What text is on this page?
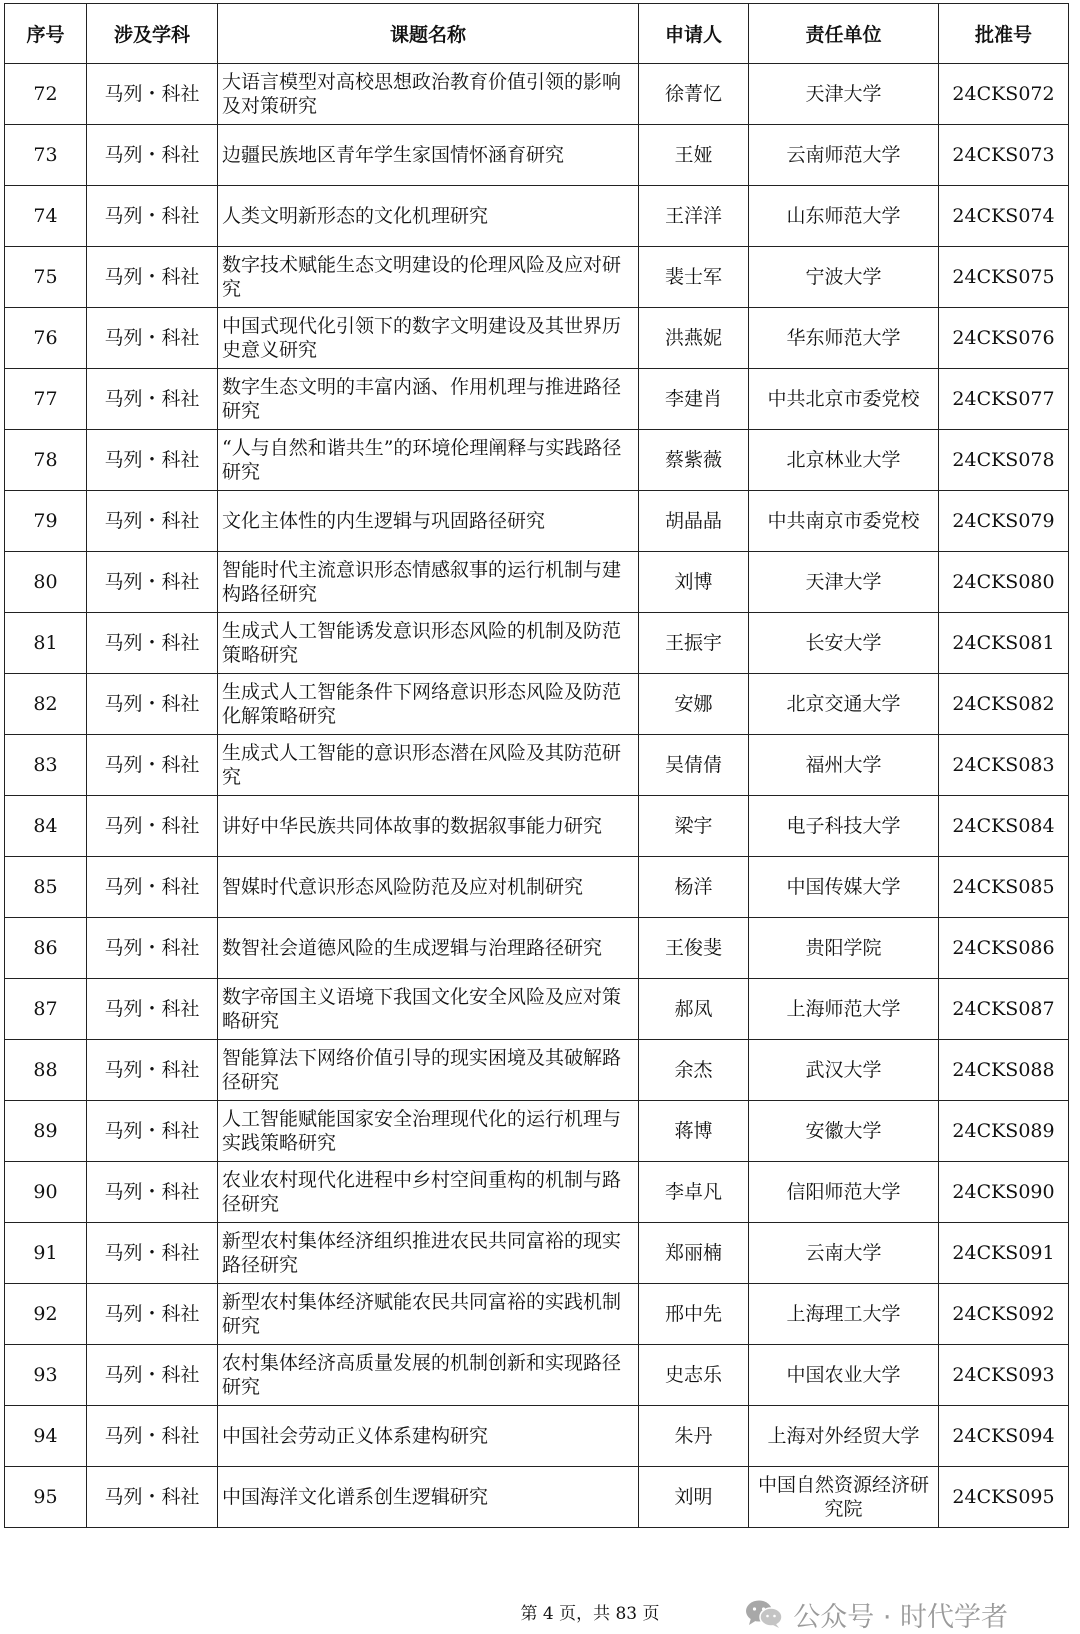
序号	涉及学科	课题名称	申请人	责任单位	批准号
72	马列・科社	大语言模型对高校思想政治教育价值引领的影响及对策研究	徐菁忆	天津大学	24CKS072
73	马列・科社	边疆民族地区青年学生家国情怀涵育研究	王娅	云南师范大学	24CKS073
74	马列・科社	人类文明新形态的文化机理研究	王洋洋	山东师范大学	24CKS074
75	马列・科社	数字技术赋能生态文明建设的伦理风险及应对研究	裴士军	宁波大学	24CKS075
76	马列・科社	中国式现代化引领下的数字文明建设及其世界历史意义研究	洪燕妮	华东师范大学	24CKS076
77	马列・科社	数字生态文明的丰富内涵、作用机理与推进路径研究	李建肖	中共北京市委党校	24CKS077
78	马列・科社	“人与自然和谐共生”的环境伦理阐释与实践路径研究	蔡紫薇	北京林业大学	24CKS078
79	马列・科社	文化主体性的内生逻辑与巩固路径研究	胡晶晶	中共南京市委党校	24CKS079
80	马列・科社	智能时代主流意识形态情感叙事的运行机制与建构路径研究	刘博	天津大学	24CKS080
81	马列・科社	生成式人工智能诱发意识形态风险的机制及防范策略研究	王振宇	长安大学	24CKS081
82	马列・科社	生成式人工智能条件下网络意识形态风险及防范化解策略研究	安娜	北京交通大学	24CKS082
83	马列・科社	生成式人工智能的意识形态潜在风险及其防范研究	吴倩倩	福州大学	24CKS083
84	马列・科社	讲好中华民族共同体故事的数据叙事能力研究	梁宇	电子科技大学	24CKS084
85	马列・科社	智媒时代意识形态风险防范及应对机制研究	杨洋	中国传媒大学	24CKS085
86	马列・科社	数智社会道德风险的生成逻辑与治理路径研究	王俊斐	贵阳学院	24CKS086
87	马列・科社	数字帝国主义语境下我国文化安全风险及应对策略研究	郝凤	上海师范大学	24CKS087
88	马列・科社	智能算法下网络价值引导的现实困境及其破解路径研究	余杰	武汉大学	24CKS088
89	马列・科社	人工智能赋能国家安全治理现代化的运行机理与实践策略研究	蒋博	安徽大学	24CKS089
90	马列・科社	农业农村现代化进程中乡村空间重构的机制与路径研究	李卓凡	信阳师范大学	24CKS090
91	马列・科社	新型农村集体经济组织推进农民共同富裕的现实路径研究	郑丽楠	云南大学	24CKS091
92	马列・科社	新型农村集体经济赋能农民共同富裕的实践机制研究	邢中先	上海理工大学	24CKS092
93	马列・科社	农村集体经济高质量发展的机制创新和实现路径研究	史志乐	中国农业大学	24CKS093
94	马列・科社	中国社会劳动正义体系建构研究	朱丹	上海对外经贸大学	24CKS094
95	马列・科社	中国海洋文化谱系创生逻辑研究	刘明	中国自然资源经济研究院	24CKS095
公众号 · 时代学者
第 4 页，共 83 页
